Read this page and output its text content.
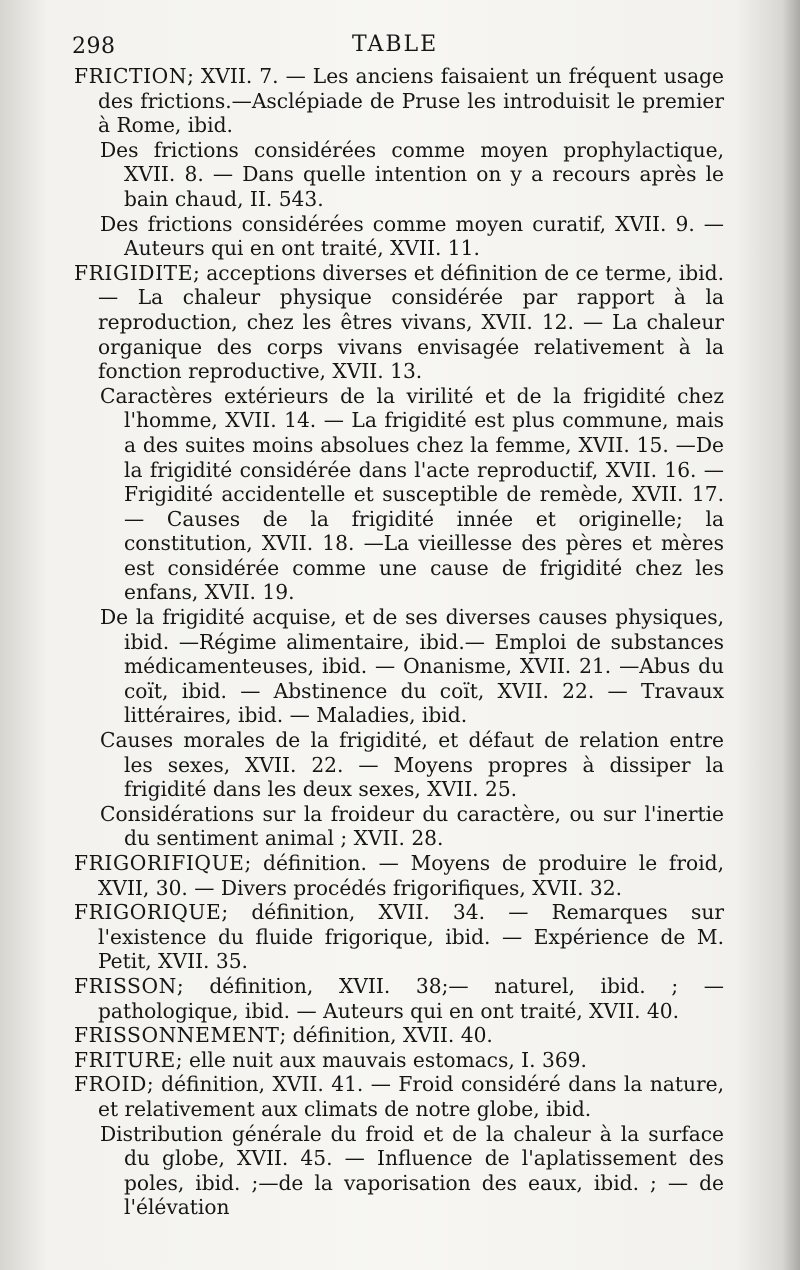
298	TABLE

FRICTION; XVII. 7. — Les anciens faisaient un fréquent usage des frictions.—Asclépiade de Pruse les introduisit le premier à Rome, ibid.

Des frictions considérées comme moyen prophylactique, XVII. 8. — Dans quelle intention on y a recours après le bain chaud, II. 543.

Des frictions considérées comme moyen curatif, XVII. 9. — Auteurs qui en ont traité, XVII. 11.

FRIGIDITE; acceptions diverses et définition de ce terme, ibid. — La chaleur physique considérée par rapport à la reproduction, chez les êtres vivans, XVII. 12. — La chaleur organique des corps vivans envisagée relativement à la fonction reproductive, XVII. 13.

Caractères extérieurs de la virilité et de la frigidité chez l'homme, XVII. 14. — La frigidité est plus commune, mais a des suites moins absolues chez la femme, XVII. 15. —De la frigidité considérée dans l'acte reproductif, XVII. 16. — Frigidité accidentelle et susceptible de remède, XVII. 17. — Causes de la frigidité innée et originelle; la constitution, XVII. 18. —La vieillesse des pères et mères est considérée comme une cause de frigidité chez les enfans, XVII. 19.

De la frigidité acquise, et de ses diverses causes physiques, ibid. —Régime alimentaire, ibid.— Emploi de substances médicamenteuses, ibid. — Onanisme, XVII. 21. —Abus du coït, ibid. — Abstinence du coït, XVII. 22. — Travaux littéraires, ibid. — Maladies, ibid.

Causes morales de la frigidité, et défaut de relation entre les sexes, XVII. 22. — Moyens propres à dissiper la frigidité dans les deux sexes, XVII. 25.

Considérations sur la froideur du caractère, ou sur l'inertie du sentiment animal ; XVII. 28.

FRIGORIFIQUE; définition. — Moyens de produire le froid, XVII, 30. — Divers procédés frigorifiques, XVII. 32.

FRIGORIQUE; définition, XVII. 34. — Remarques sur l'existence du fluide frigorique, ibid. — Expérience de M. Petit, XVII. 35.

FRISSON; définition, XVII. 38;— naturel, ibid. ; —pathologique, ibid. — Auteurs qui en ont traité, XVII. 40.

FRISSONNEMENT; définition, XVII. 40.

FRITURE; elle nuit aux mauvais estomacs, I. 369.

FROID; définition, XVII. 41. — Froid considéré dans la nature, et relativement aux climats de notre globe, ibid.

Distribution générale du froid et de la chaleur à la surface du globe, XVII. 45. — Influence de l'aplatissement des poles, ibid. ;—de la vaporisation des eaux, ibid. ; — de l'élévation
